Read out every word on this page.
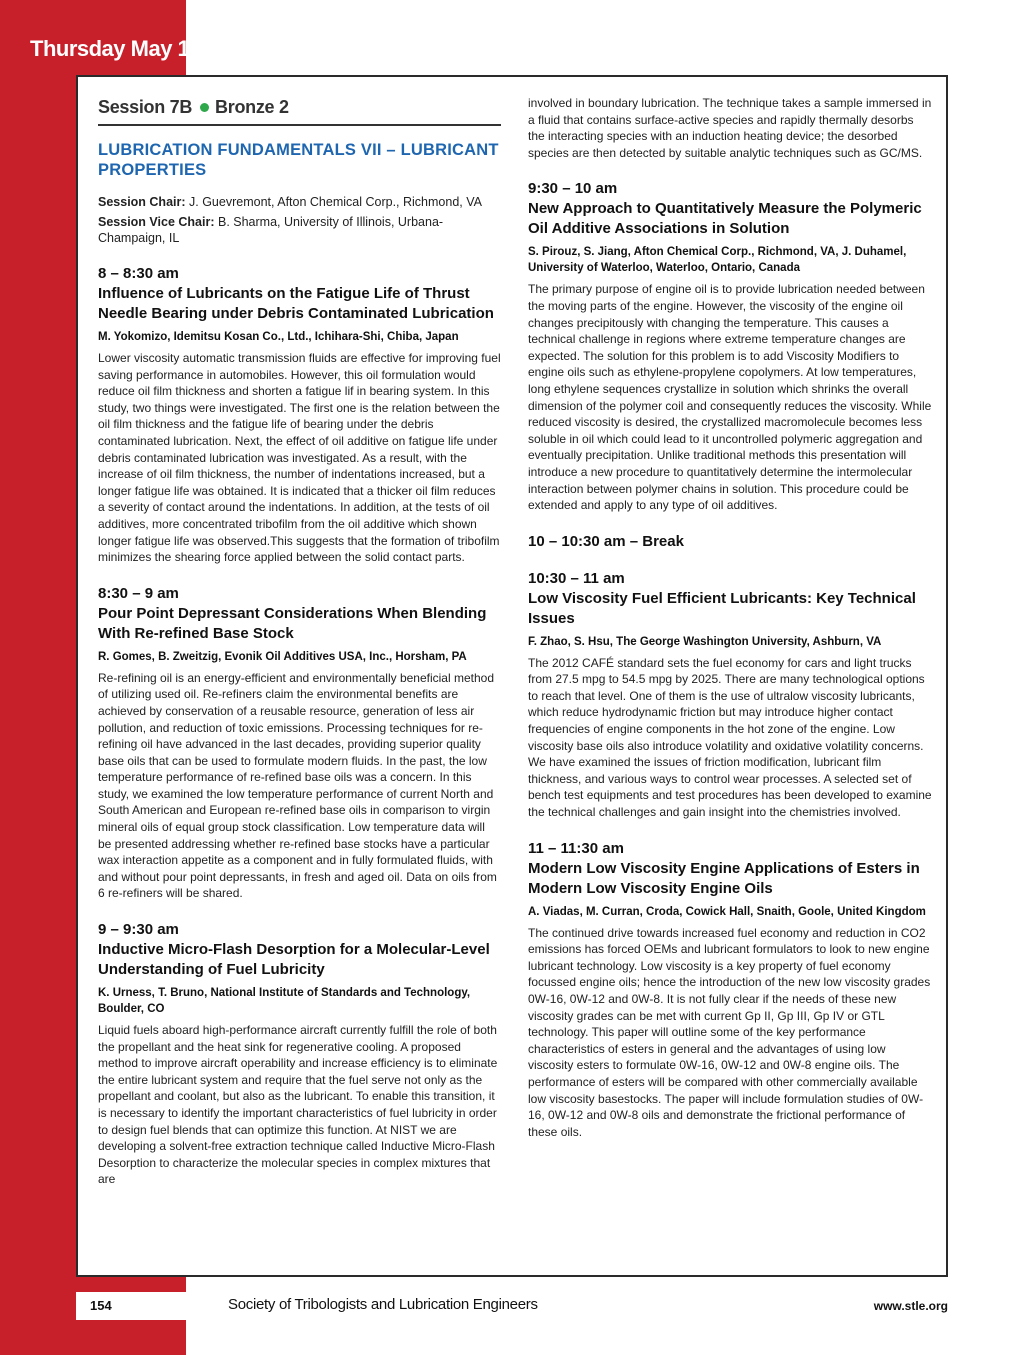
Thursday May 19
Session 7B Bronze 2
LUBRICATION FUNDAMENTALS VII – LUBRICANT PROPERTIES
Session Chair: J. Guevremont, Afton Chemical Corp., Richmond, VA
Session Vice Chair: B. Sharma, University of Illinois, Urbana-Champaign, IL
8 – 8:30 am
Influence of Lubricants on the Fatigue Life of Thrust Needle Bearing under Debris Contaminated Lubrication
M. Yokomizo, Idemitsu Kosan Co., Ltd., Ichihara-Shi, Chiba, Japan

Lower viscosity automatic transmission fluids are effective for improving fuel saving performance in automobiles. However, this oil formulation would reduce oil film thickness and shorten a fatigue lif in bearing system. In this study, two things were investigated. The first one is the relation between the oil film thickness and the fatigue life of bearing under the debris contaminated lubrication. Next, the effect of oil additive on fatigue life under debris contaminated lubrication was investigated. As a result, with the increase of oil film thickness, the number of indentations increased, but a longer fatigue life was obtained. It is indicated that a thicker oil film reduces a severity of contact around the indentations. In addition, at the tests of oil additives, more concentrated tribofilm from the oil additive which shown longer fatigue life was observed.This suggests that the formation of tribofilm minimizes the shearing force applied between the solid contact parts.

8:30 – 9 am
Pour Point Depressant Considerations When Blending With Re-refined Base Stock
R. Gomes, B. Zweitzig, Evonik Oil Additives USA, Inc., Horsham, PA

Re-refining oil is an energy-efficient and environmentally beneficial method of utilizing used oil. Re-refiners claim the environmental benefits are achieved by conservation of a reusable resource, generation of less air pollution, and reduction of toxic emissions. Processing techniques for re-refining oil have advanced in the last decades, providing superior quality base oils that can be used to formulate modern fluids. In the past, the low temperature performance of re-refined base oils was a concern. In this study, we examined the low temperature performance of current North and South American and European re-refined base oils in comparison to virgin mineral oils of equal group stock classification. Low temperature data will be presented addressing whether re-refined base stocks have a particular wax interaction appetite as a component and in fully formulated fluids, with and without pour point depressants, in fresh and aged oil. Data on oils from 6 re-refiners will be shared.

9 – 9:30 am
Inductive Micro-Flash Desorption for a Molecular-Level Understanding of Fuel Lubricity
K. Urness, T. Bruno, National Institute of Standards and Technology, Boulder, CO

Liquid fuels aboard high-performance aircraft currently fulfill the role of both the propellant and the heat sink for regenerative cooling. A proposed method to improve aircraft operability and increase efficiency is to eliminate the entire lubricant system and require that the fuel serve not only as the propellant and coolant, but also as the lubricant. To enable this transition, it is necessary to identify the important characteristics of fuel lubricity in order to design fuel blends that can optimize this function. At NIST we are developing a solvent-free extraction technique called Inductive Micro-Flash Desorption to characterize the molecular species in complex mixtures that are

involved in boundary lubrication. The technique takes a sample immersed in a fluid that contains surface-active species and rapidly thermally desorbs the interacting species with an induction heating device; the desorbed species are then detected by suitable analytic techniques such as GC/MS.

9:30 – 10 am
New Approach to Quantitatively Measure the Polymeric Oil Additive Associations in Solution
S. Pirouz, S. Jiang, Afton Chemical Corp., Richmond, VA, J. Duhamel, University of Waterloo, Waterloo, Ontario, Canada

The primary purpose of engine oil is to provide lubrication needed between the moving parts of the engine. However, the viscosity of the engine oil changes precipitously with changing the temperature. This causes a technical challenge in regions where extreme temperature changes are expected. The solution for this problem is to add Viscosity Modifiers to engine oils such as ethylene-propylene copolymers. At low temperatures, long ethylene sequences crystallize in solution which shrinks the overall dimension of the polymer coil and consequently reduces the viscosity. While reduced viscosity is desired, the crystallized macromolecule becomes less soluble in oil which could lead to it uncontrolled polymeric aggregation and eventually precipitation. Unlike traditional methods this presentation will introduce a new procedure to quantitatively determine the intermolecular interaction between polymer chains in solution. This procedure could be extended and apply to any type of oil additives.

10 – 10:30 am – Break
10:30 – 11 am
Low Viscosity Fuel Efficient Lubricants: Key Technical Issues
F. Zhao, S. Hsu, The George Washington University, Ashburn, VA

The 2012 CAFÉ standard sets the fuel economy for cars and light trucks from 27.5 mpg to 54.5 mpg by 2025. There are many technological options to reach that level. One of them is the use of ultralow viscosity lubricants, which reduce hydrodynamic friction but may introduce higher contact frequencies of engine components in the hot zone of the engine. Low viscosity base oils also introduce volatility and oxidative volatility concerns. We have examined the issues of friction modification, lubricant film thickness, and various ways to control wear processes. A selected set of bench test equipments and test procedures has been developed to examine the technical challenges and gain insight into the chemistries involved.

11 – 11:30 am
Modern Low Viscosity Engine Applications of Esters in Modern Low Viscosity Engine Oils
A. Viadas, M. Curran, Croda, Cowick Hall, Snaith, Goole, United Kingdom

The continued drive towards increased fuel economy and reduction in CO2 emissions has forced OEMs and lubricant formulators to look to new engine lubricant technology. Low viscosity is a key property of fuel economy focussed engine oils; hence the introduction of the new low viscosity grades 0W-16, 0W-12 and 0W-8. It is not fully clear if the needs of these new viscosity grades can be met with current Gp II, Gp III, Gp IV or GTL technology. This paper will outline some of the key performance characteristics of esters in general and the advantages of using low viscosity esters to formulate 0W-16, 0W-12 and 0W-8 engine oils. The performance of esters will be compared with other commercially available low viscosity basestocks. The paper will include formulation studies of 0W-16, 0W-12 and 0W-8 oils and demonstrate the frictional performance of these oils.

154	Society of Tribologists and Lubrication Engineers	www.stle.org
